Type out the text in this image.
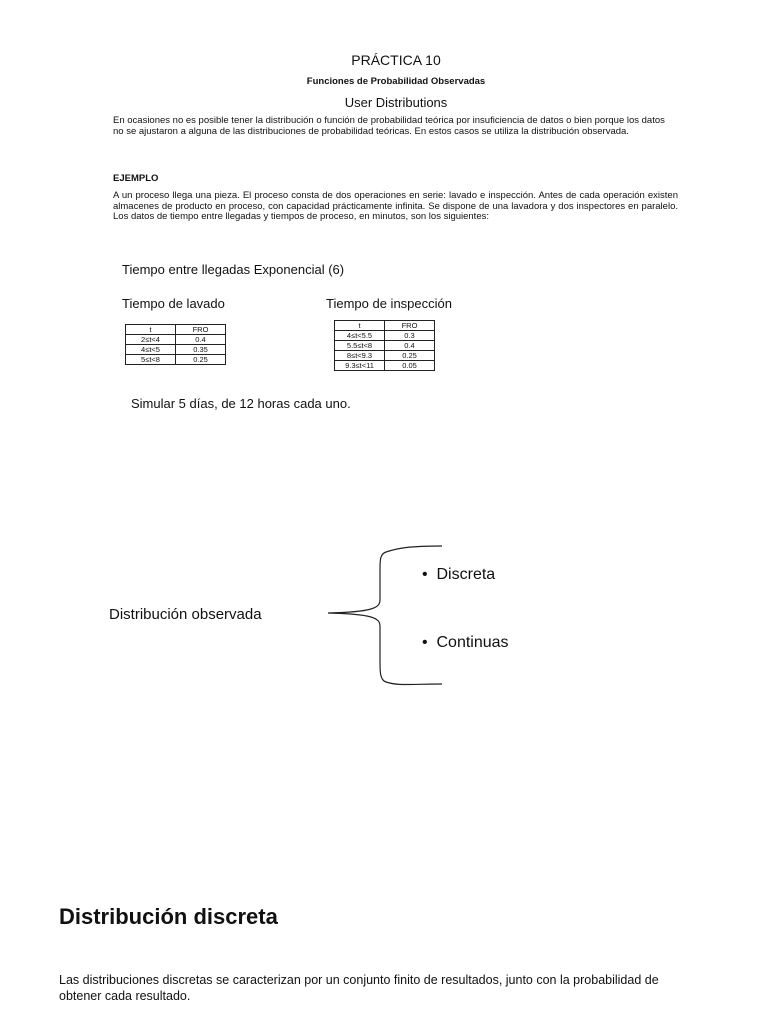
PRÁCTICA 10
Funciones de Probabilidad Observadas
User Distributions
En ocasiones no es posible tener la distribución o función de probabilidad teórica por insuficiencia de datos o bien porque los datos no se ajustaron a alguna de las distribuciones de probabilidad teóricas. En estos casos se utiliza la distribución observada.
EJEMPLO
A un proceso llega una pieza. El proceso consta de dos operaciones en serie: lavado e inspección. Antes de cada operación existen almacenes de producto en proceso, con capacidad prácticamente infinita. Se dispone de una lavadora y dos inspectores en paralelo. Los datos de tiempo entre llegadas y tiempos de proceso, en minutos, son los siguientes:
Tiempo entre llegadas Exponencial (6)
Tiempo de lavado
t	FRO
2≤t<4	0.4
4≤t<5	0.35
5≤t<8	0.25
Tiempo de inspección
t	FRO
4≤t<5.5	0.3
5.5≤t<8	0.4
8≤t<9.3	0.25
9.3≤t<11	0.05
Simular 5 días, de 12 horas cada uno.
Distribución observada
•  Discreta
•  Continuas
Distribución discreta
Las distribuciones discretas se caracterizan por un conjunto finito de resultados, junto con la probabilidad de obtener cada resultado.
